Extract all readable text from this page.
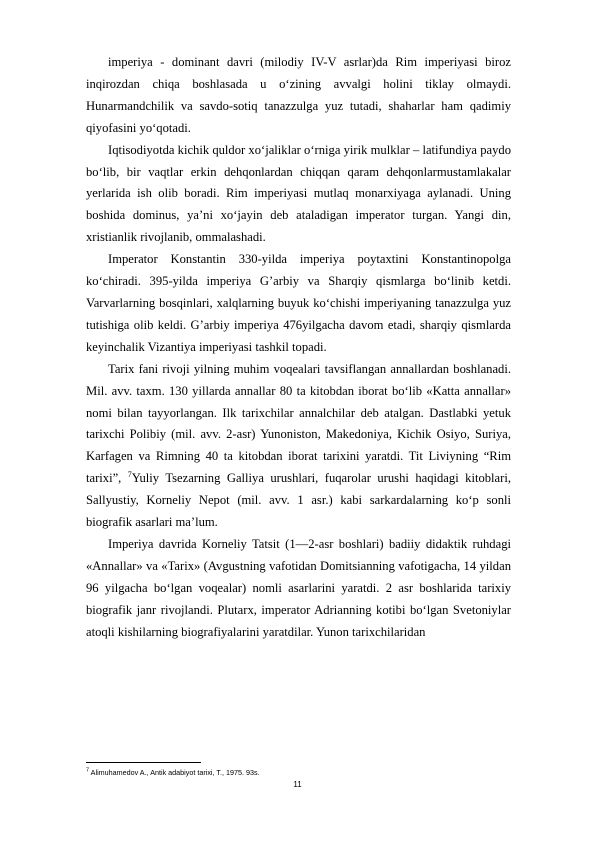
imperiya - dominant davri (milodiy IV-V asrlar)da Rim imperiyasi biroz inqirozdan chiqa boshlasada u o‘zining avvalgi holini tiklay olmaydi. Hunarmandchilik va savdo-sotiq tanazzulga yuz tutadi, shaharlar ham qadimiy qiyofasini yo‘qotadi.

Iqtisodiyotda kichik quldor xo‘jaliklar o‘rniga yirik mulklar – latifundiya paydo bo‘lib, bir vaqtlar erkin dehqonlardan chiqqan qaram dehqonlarmustamlakalar yerlarida ish olib boradi. Rim imperiyasi mutlaq monarxiyaga aylanadi. Uning boshida dominus, ya’ni xo‘jayin deb ataladigan imperator turgan. Yangi din, xristianlik rivojlanib, ommalashadi.

Imperator Konstantin 330-yilda imperiya poytaxtini Konstantinopolga ko‘chiradi. 395-yilda imperiya G’arbiy va Sharqiy qismlarga bo‘linib ketdi. Varvarlarning bosqinlari, xalqlarning buyuk ko‘chishi imperiyaning tanazzulga yuz tutishiga olib keldi. G’arbiy imperiya 476yilgacha davom etadi, sharqiy qismlarda keyinchalik Vizantiya imperiyasi tashkil topadi.

Tarix fani rivoji yilning muhim voqealari tavsiflangan annallardan boshlanadi. Mil. avv. taxm. 130 yillarda annallar 80 ta kitobdan iborat bo‘lib «Katta annallar» nomi bilan tayyorlangan. Ilk tarixchilar annalchilar deb atalgan. Dastlabki yetuk tarixchi Polibiy (mil. avv. 2-asr) Yunoniston, Makedoniya, Kichik Osiyo, Suriya, Karfagen va Rimning 40 ta kitobdan iborat tarixini yaratdi. Tit Liviyning “Rim tarixi”, $^7$Yuliy Tsezarning Galliya urushlari, fuqarolar urushi haqidagi kitoblari, Sallyustiy, Korneliy Nepot (mil. avv. 1 asr.) kabi sarkardalarning ko‘p sonli biografik asarlari ma’lum.

Imperiya davrida Korneliy Tatsit (1—2-asr boshlari) badiiy didaktik ruhdagi «Annallar» va «Tarix» (Avgustning vafotidan Domitsianning vafotigacha, 14 yildan 96 yilgacha bo‘lgan voqealar) nomli asarlarini yaratdi. 2 asr boshlarida tarixiy biografik janr rivojlandi. Plutarx, imperator Adrianning kotibi bo‘lgan Svetoniylar atoqli kishilarning biografiyalarini yaratdilar. Yunon tarixchilaridan

$^7$ Alimuhamedov A., Antik adabiyot tarixi, T., 1975. 93s.
11
